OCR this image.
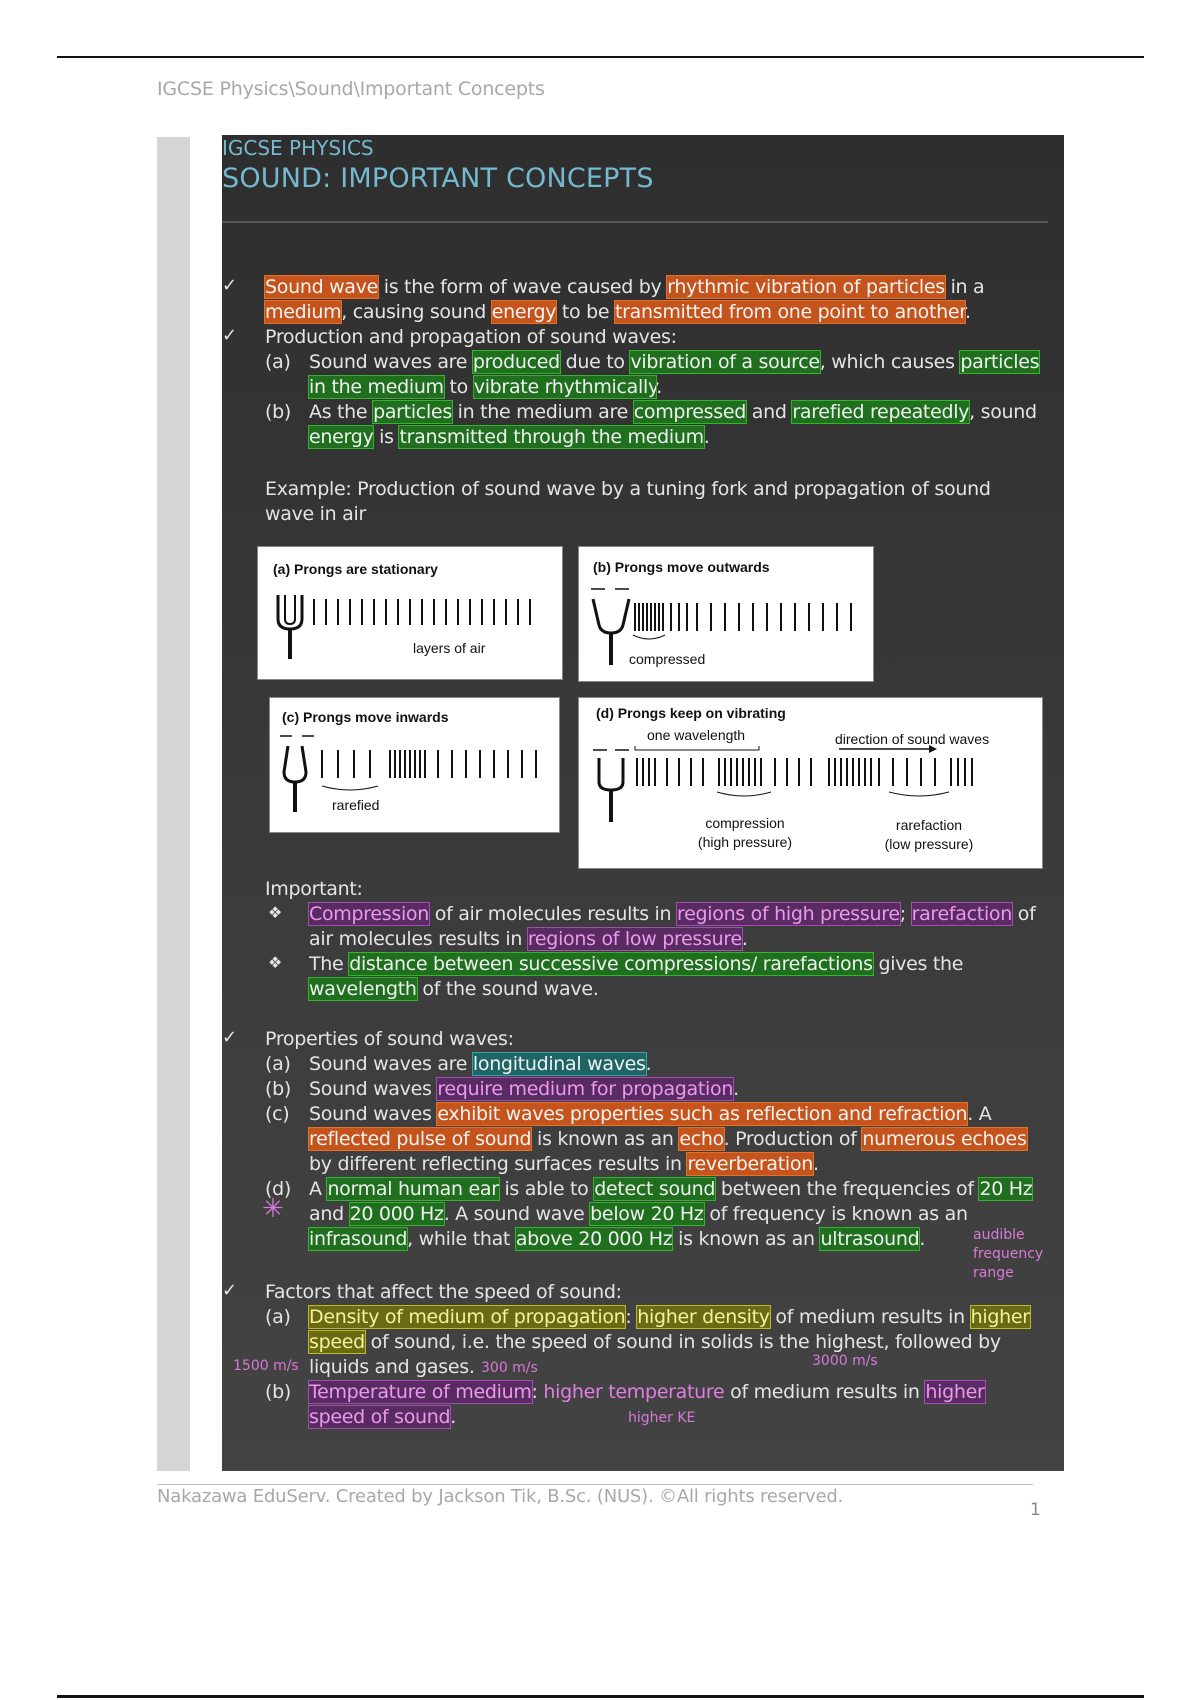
IGCSE Physics\Sound\Important Concepts
IGCSE PHYSICS
SOUND: IMPORTANT CONCEPTS
✓ Sound wave is the form of wave caused by rhythmic vibration of particles in a medium, causing sound energy to be transmitted from one point to another.
✓ Production and propagation of sound waves:
(a) Sound waves are produced due to vibration of a source, which causes particles in the medium to vibrate rhythmically.
(b) As the particles in the medium are compressed and rarefied repeatedly, sound energy is transmitted through the medium.
Example: Production of sound wave by a tuning fork and propagation of sound wave in air
(a) Prongs are stationary
layers of air
(b) Prongs move outwards
compressed
(c) Prongs move inwards
rarefied
(d) Prongs keep on vibrating
one wavelength	direction of sound waves
compression
(high pressure)
rarefaction
(low pressure)
Important:
❖ Compression of air molecules results in regions of high pressure; rarefaction of air molecules results in regions of low pressure.
❖ The distance between successive compressions/ rarefactions gives the wavelength of the sound wave.
✓ Properties of sound waves:
(a) Sound waves are longitudinal waves.
(b) Sound waves require medium for propagation.
(c) Sound waves exhibit waves properties such as reflection and refraction. A reflected pulse of sound is known as an echo. Production of numerous echoes by different reflecting surfaces results in reverberation.
(d) A normal human ear is able to detect sound between the frequencies of 20 Hz and 20 000 Hz. A sound wave below 20 Hz of frequency is known as an infrasound, while that above 20 000 Hz is known as an ultrasound.
✳
audible frequency range
✓ Factors that affect the speed of sound:
(a) Density of medium of propagation: higher density of medium results in higher speed of sound, i.e. the speed of sound in solids is the highest, followed by liquids and gases.
1500 m/s	300 m/s	3000 m/s
(b) Temperature of medium: higher temperature of medium results in higher speed of sound.	higher KE
Nakazawa EduServ. Created by Jackson Tik, B.Sc. (NUS). ©All rights reserved.
1
